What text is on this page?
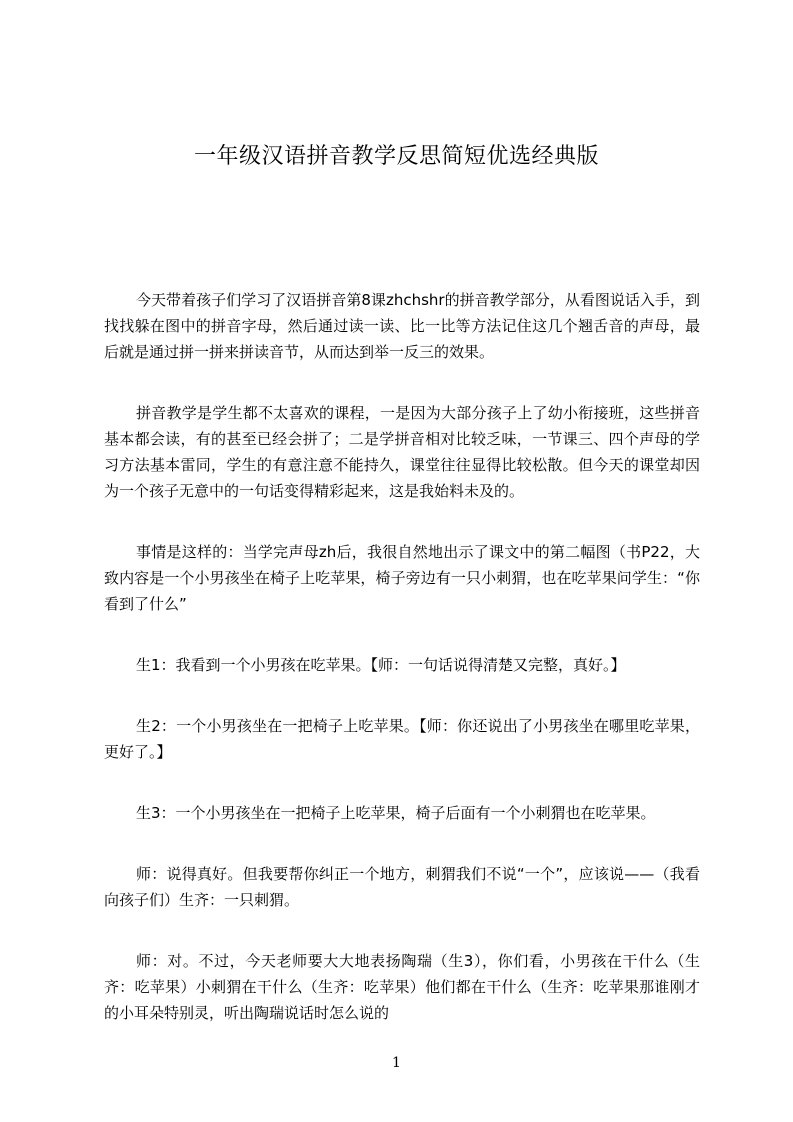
一年级汉语拼音教学反思简短优选经典版

今天带着孩子们学习了汉语拼音第8课zhchshr的拼音教学部分，从看图说话入手，到找找躲在图中的拼音字母，然后通过读一读、比一比等方法记住这几个翘舌音的声母，最后就是通过拼一拼来拼读音节，从而达到举一反三的效果。

拼音教学是学生都不太喜欢的课程，一是因为大部分孩子上了幼小衔接班，这些拼音基本都会读，有的甚至已经会拼了；二是学拼音相对比较乏味，一节课三、四个声母的学习方法基本雷同，学生的有意注意不能持久，课堂往往显得比较松散。但今天的课堂却因为一个孩子无意中的一句话变得精彩起来，这是我始料未及的。

事情是这样的：当学完声母zh后，我很自然地出示了课文中的第二幅图（书P22，大致内容是一个小男孩坐在椅子上吃苹果，椅子旁边有一只小刺猬，也在吃苹果问学生：“你看到了什么”

生1：我看到一个小男孩在吃苹果。【师：一句话说得清楚又完整，真好。】

生2：一个小男孩坐在一把椅子上吃苹果。【师：你还说出了小男孩坐在哪里吃苹果，更好了。】

生3：一个小男孩坐在一把椅子上吃苹果，椅子后面有一个小刺猬也在吃苹果。

师：说得真好。但我要帮你纠正一个地方，刺猬我们不说“一个”，应该说——（我看向孩子们）生齐：一只刺猬。

师：对。不过，今天老师要大大地表扬陶瑞（生3），你们看，小男孩在干什么（生齐：吃苹果）小刺猬在干什么（生齐：吃苹果）他们都在干什么（生齐：吃苹果那谁刚才的小耳朵特别灵，听出陶瑞说话时怎么说的

1
